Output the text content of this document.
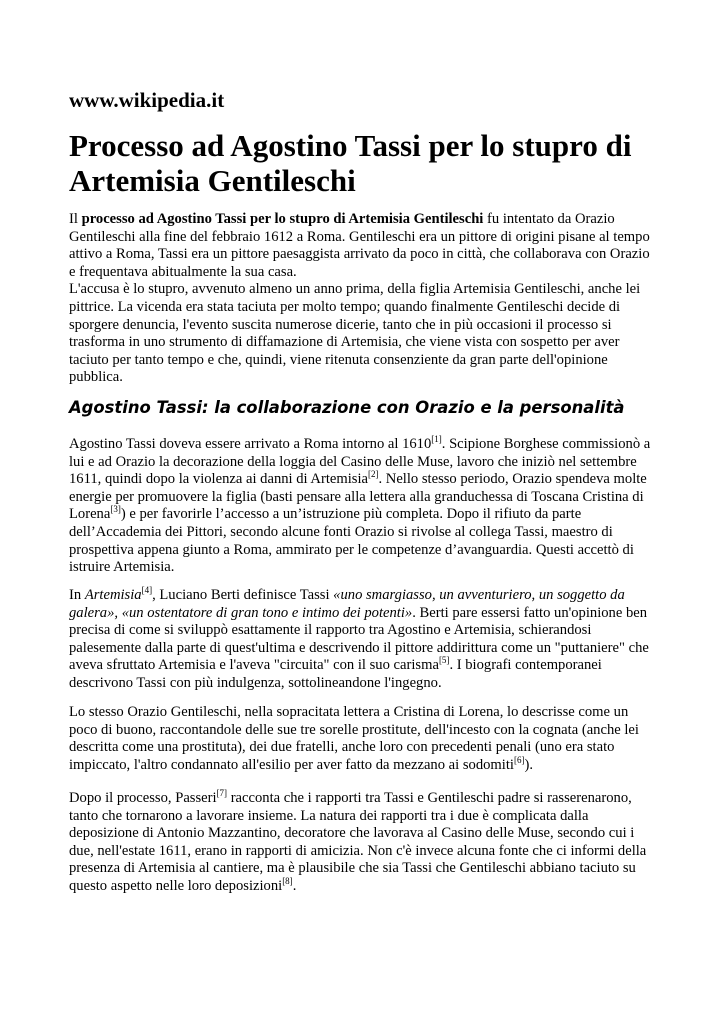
www.wikipedia.it
Processo ad Agostino Tassi per lo stupro di Artemisia Gentileschi

Il processo ad Agostino Tassi per lo stupro di Artemisia Gentileschi fu intentato da Orazio Gentileschi alla fine del febbraio 1612 a Roma. Gentileschi era un pittore di origini pisane al tempo attivo a Roma, Tassi era un pittore paesaggista arrivato da poco in città, che collaborava con Orazio e frequentava abitualmente la sua casa.
L'accusa è lo stupro, avvenuto almeno un anno prima, della figlia Artemisia Gentileschi, anche lei pittrice. La vicenda era stata taciuta per molto tempo; quando finalmente Gentileschi decide di sporgere denuncia, l'evento suscita numerose dicerie, tanto che in più occasioni il processo si trasforma in uno strumento di diffamazione di Artemisia, che viene vista con sospetto per aver taciuto per tanto tempo e che, quindi, viene ritenuta consenziente da gran parte dell'opinione pubblica.

Agostino Tassi: la collaborazione con Orazio e la personalità

Agostino Tassi doveva essere arrivato a Roma intorno al 1610[1]. Scipione Borghese commissionò a lui e ad Orazio la decorazione della loggia del Casino delle Muse, lavoro che iniziò nel settembre 1611, quindi dopo la violenza ai danni di Artemisia[2]. Nello stesso periodo, Orazio spendeva molte energie per promuovere la figlia (basti pensare alla lettera alla granduchessa di Toscana Cristina di Lorena[3]) e per favorirle l’accesso a un’istruzione più completa. Dopo il rifiuto da parte dell’Accademia dei Pittori, secondo alcune fonti Orazio si rivolse al collega Tassi, maestro di prospettiva appena giunto a Roma, ammirato per le competenze d’avanguardia. Questi accettò di istruire Artemisia.

In Artemisia[4], Luciano Berti definisce Tassi «uno smargiasso, un avventuriero, un soggetto da galera», «un ostentatore di gran tono e intimo dei potenti». Berti pare essersi fatto un'opinione ben precisa di come si sviluppò esattamente il rapporto tra Agostino e Artemisia, schierandosi palesemente dalla parte di quest'ultima e descrivendo il pittore addirittura come un "puttaniere" che aveva sfruttato Artemisia e l'aveva "circuita" con il suo carisma[5]. I biografi contemporanei descrivono Tassi con più indulgenza, sottolineandone l'ingegno.

Lo stesso Orazio Gentileschi, nella sopracitata lettera a Cristina di Lorena, lo descrisse come un poco di buono, raccontandole delle sue tre sorelle prostitute, dell'incesto con la cognata (anche lei descritta come una prostituta), dei due fratelli, anche loro con precedenti penali (uno era stato impiccato, l'altro condannato all'esilio per aver fatto da mezzano ai sodomiti[6]).

Dopo il processo, Passeri[7] racconta che i rapporti tra Tassi e Gentileschi padre si rasserenarono, tanto che tornarono a lavorare insieme. La natura dei rapporti tra i due è complicata dalla deposizione di Antonio Mazzantino, decoratore che lavorava al Casino delle Muse, secondo cui i due, nell'estate 1611, erano in rapporti di amicizia. Non c'è invece alcuna fonte che ci informi della presenza di Artemisia al cantiere, ma è plausibile che sia Tassi che Gentileschi abbiano taciuto su questo aspetto nelle loro deposizioni[8].
